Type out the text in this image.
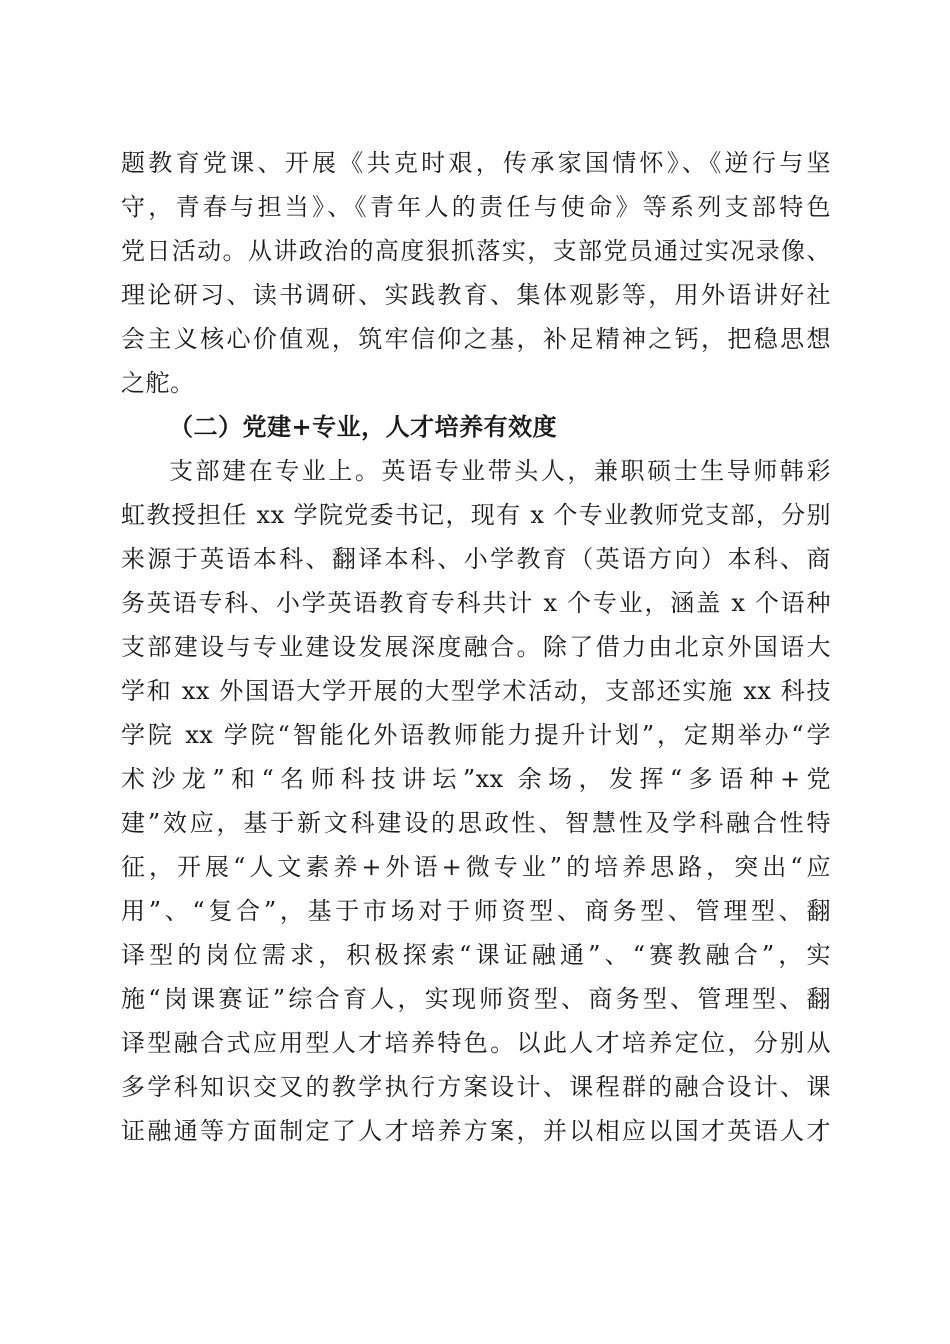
题教育党课、开展《共克时艰，传承家国情怀》、《逆行与坚
守，青春与担当》、《青年人的责任与使命》等系列支部特色
党日活动。从讲政治的高度狠抓落实，支部党员通过实况录像、
理论研习、读书调研、实践教育、集体观影等，用外语讲好社
会主义核心价值观，筑牢信仰之基，补足精神之钙，把稳思想
之舵。
（二）党建+专业，人才培养有效度
支部建在专业上。英语专业带头人，兼职硕士生导师韩彩
虹教授担任 xx 学院党委书记，现有 x 个专业教师党支部，分别
来源于英语本科、翻译本科、小学教育（英语方向）本科、商
务英语专科、小学英语教育专科共计 x 个专业，涵盖 x 个语种
支部建设与专业建设发展深度融合。除了借力由北京外国语大
学和 xx 外国语大学开展的大型学术活动，支部还实施 xx 科技
学院 xx 学院“智能化外语教师能力提升计划”，定期举办“学
术沙龙”和“名师科技讲坛”xx 余场，发挥“多语种+党
建”效应，基于新文科建设的思政性、智慧性及学科融合性特
征，开展“人文素养+外语+微专业”的培养思路，突出“应
用”、“复合”，基于市场对于师资型、商务型、管理型、翻
译型的岗位需求，积极探索“课证融通”、“赛教融合”，实
施“岗课赛证”综合育人，实现师资型、商务型、管理型、翻
译型融合式应用型人才培养特色。以此人才培养定位，分别从
多学科知识交叉的教学执行方案设计、课程群的融合设计、课
证融通等方面制定了人才培养方案，并以相应以国才英语人才
